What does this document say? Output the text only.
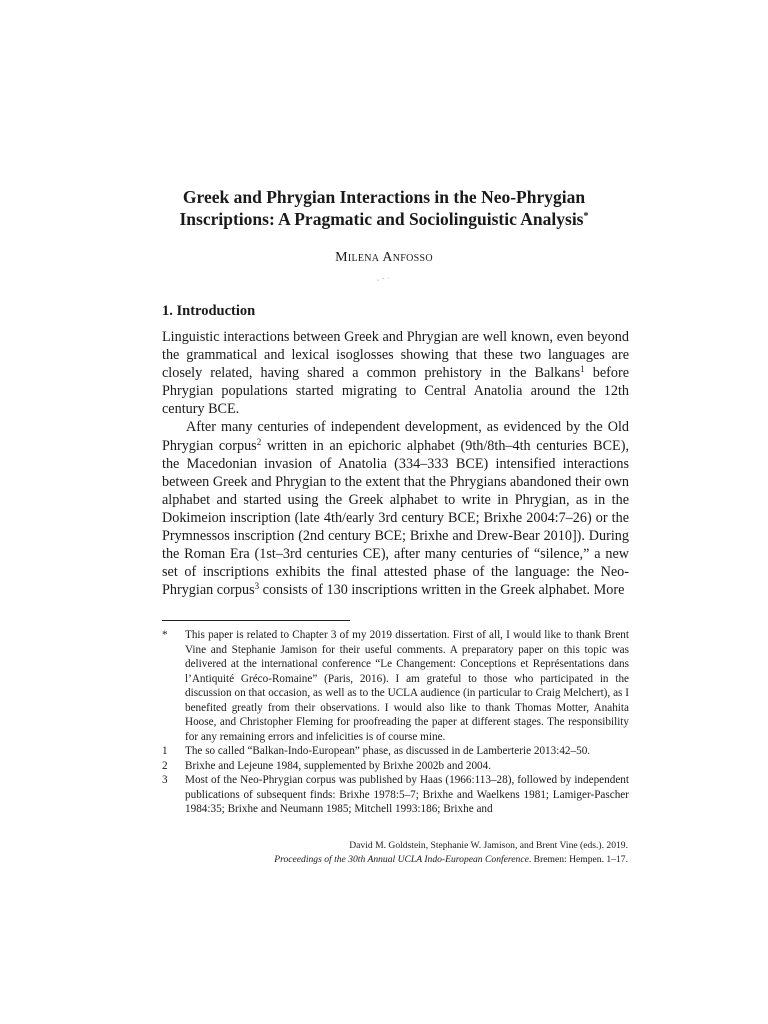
Greek and Phrygian Interactions in the Neo-Phrygian

Inscriptions: A Pragmatic and Sociolinguistic Analysis*

Milena Anfosso
, - ·
1. Introduction

Linguistic interactions between Greek and Phrygian are well known, even beyond the grammatical and lexical isoglosses showing that these two languages are closely related, having shared a common prehistory in the Balkans$^1$ before Phrygian populations started migrating to Central Anatolia around the 12th century BCE.

After many centuries of independent development, as evidenced by the Old Phrygian corpus$^2$ written in an epichoric alphabet (9th/8th–4th centuries BCE), the Macedonian invasion of Anatolia (334–333 BCE) intensified interactions between Greek and Phrygian to the extent that the Phrygians abandoned their own alphabet and started using the Greek alphabet to write in Phrygian, as in the Dokimeion inscription (late 4th/early 3rd century BCE; Brixhe 2004:7–26) or the Prymnessos inscription (2nd century BCE; Brixhe and Drew-Bear 2010]). During the Roman Era (1st–3rd centuries CE), after many centuries of “silence,” a new set of inscriptions exhibits the final attested phase of the language: the Neo-Phrygian corpus$^3$ consists of 130 inscriptions written in the Greek alphabet. More

*	This paper is related to Chapter 3 of my 2019 dissertation. First of all, I would like to thank Brent Vine and Stephanie Jamison for their useful comments. A preparatory paper on this topic was delivered at the international conference “Le Changement: Conceptions et Représentations dans l’Antiquité Gréco-Romaine” (Paris, 2016). I am grateful to those who participated in the discussion on that occasion, as well as to the UCLA audience (in particular to Craig Melchert), as I benefited greatly from their observations. I would also like to thank Thomas Motter, Anahita Hoose, and Christopher Fleming for proofreading the paper at different stages. The responsibility for any remaining errors and infelicities is of course mine.
1	The so called “Balkan-Indo-European” phase, as discussed in de Lamberterie 2013:42–50.
2	Brixhe and Lejeune 1984, supplemented by Brixhe 2002b and 2004.
3	Most of the Neo-Phrygian corpus was published by Haas (1966:113–28), followed by independent publications of subsequent finds: Brixhe 1978:5–7; Brixhe and Waelkens 1981; Lamiger-Pascher 1984:35; Brixhe and Neumann 1985; Mitchell 1993:186; Brixhe and

David M. Goldstein, Stephanie W. Jamison, and Brent Vine (eds.). 2019.

Proceedings of the 30th Annual UCLA Indo-European Conference. Bremen: Hempen. 1–17.
